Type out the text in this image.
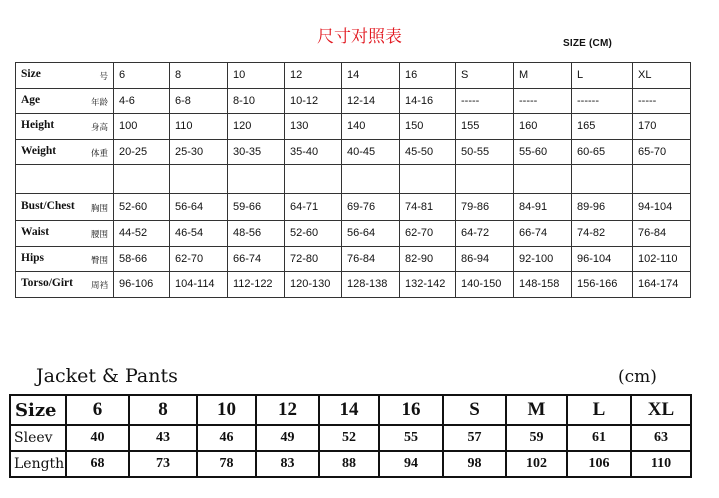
尺寸对照表	SIZE (CM)
号
Size	6	8	10	12	14	16	S	M	L	XL

年龄
Age	4-6	6-8	8-10	10-12	12-14	14-16	-----	-----	------	-----

身高
Height	100	110	120	130	140	150	155	160	165	170

体重
Weight	20-25	25-30	30-35	35-40	40-45	45-50	50-55	55-60	60-65	65-70

胸围
Bust/Chest	52-60	56-64	59-66	64-71	69-76	74-81	79-86	84-91	89-96	94-104

腰围
Waist	44-52	46-54	48-56	52-60	56-64	62-70	64-72	66-74	74-82	76-84

臀围
Hips	58-66	62-70	66-74	72-80	76-84	82-90	86-94	92-100	96-104	102-110

周裆
Torso/Girt	96-106	104-114	112-122	120-130	128-138	132-142	140-150	148-158	156-166	164-174
Jacket & Pants	(cm)
Size	6	8	10	12	14	16	S	M	L	XL
Sleev	40	43	46	49	52	55	57	59	61	63
Length	68	73	78	83	88	94	98	102	106	110
